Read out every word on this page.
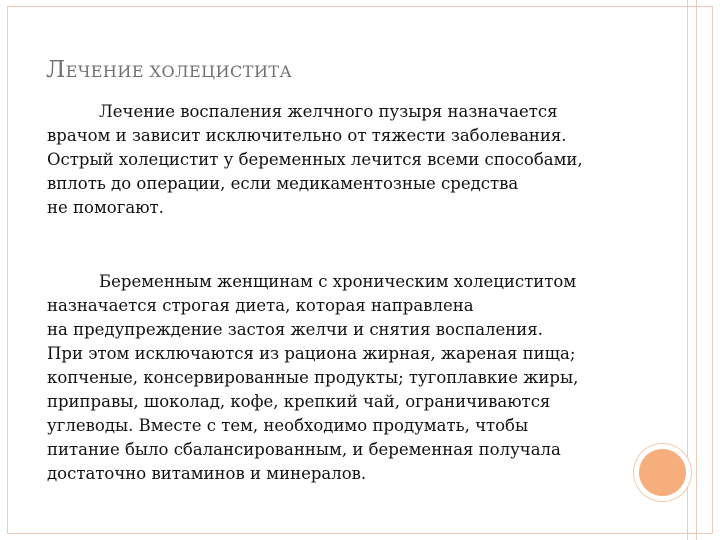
ЛЕЧЕНИЕ ХОЛЕЦИСТИТА

Лечение воспаления желчного пузыря назначается
врачом и зависит исключительно от тяжести заболевания.
Острый холецистит у беременных лечится всеми способами,
вплоть до операции, если медикаментозные средства
не помогают.

Беременным женщинам с хроническим холециститом
назначается строгая диета, которая направлена
на предупреждение застоя желчи и снятия воспаления.
При этом исключаются из рациона жирная, жареная пища;
копченые, консервированные продукты; тугоплавкие жиры,
приправы, шоколад, кофе, крепкий чай, ограничиваются
углеводы. Вместе с тем, необходимо продумать, чтобы
питание было сбалансированным, и беременная получала
достаточно витаминов и минералов.
